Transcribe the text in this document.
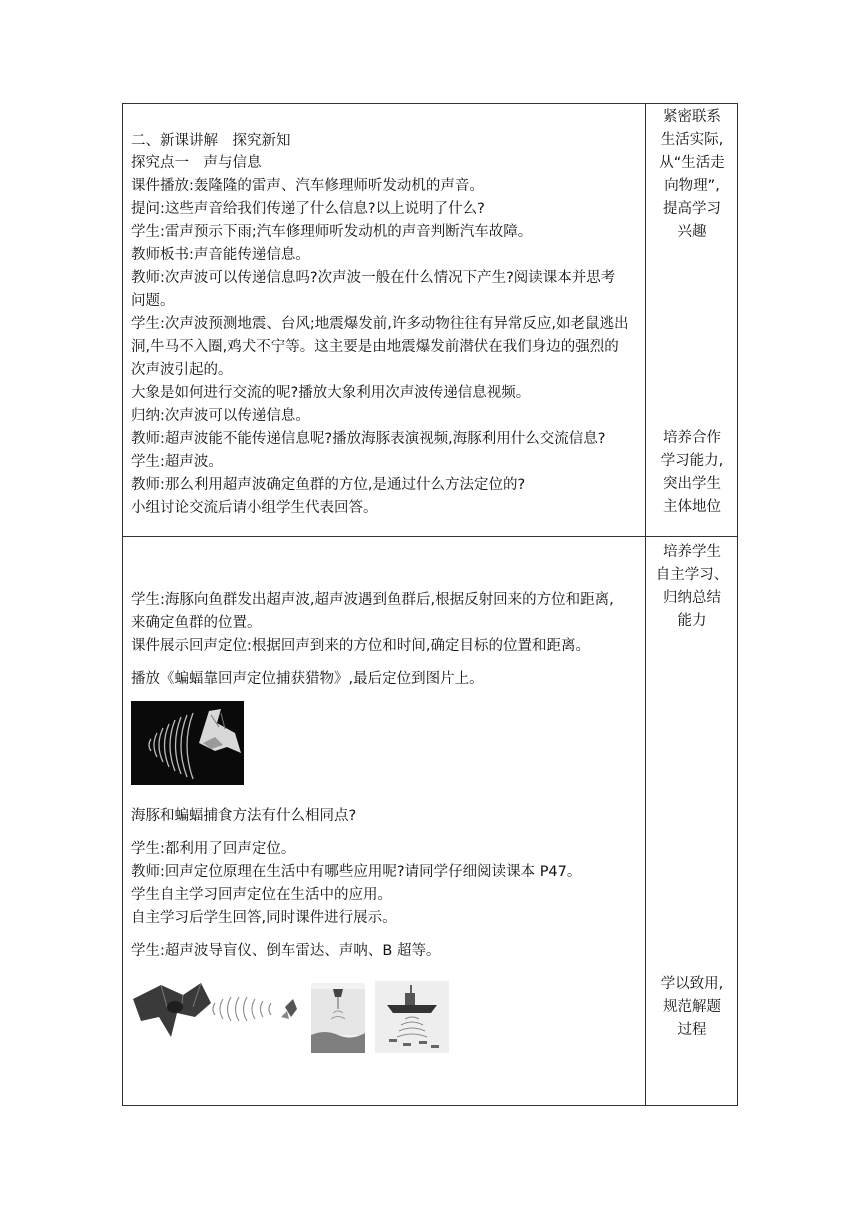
二、新课讲解　探究新知
探究点一　声与信息
课件播放:轰隆隆的雷声、汽车修理师听发动机的声音。
提问:这些声音给我们传递了什么信息?以上说明了什么?
学生:雷声预示下雨;汽车修理师听发动机的声音判断汽车故障。
教师板书:声音能传递信息。
教师:次声波可以传递信息吗?次声波一般在什么情况下产生?阅读课本并思考
问题。
学生:次声波预测地震、台风;地震爆发前,许多动物往往有异常反应,如老鼠逃出
洞,牛马不入圈,鸡犬不宁等。这主要是由地震爆发前潜伏在我们身边的强烈的
次声波引起的。
大象是如何进行交流的呢?播放大象利用次声波传递信息视频。
归纳:次声波可以传递信息。
教师:超声波能不能传递信息呢?播放海豚表演视频,海豚利用什么交流信息?
学生:超声波。
教师:那么利用超声波确定鱼群的方位,是通过什么方法定位的?
小组讨论交流后请小组学生代表回答。
紧密联系
生活实际,
从“生活走
向物理”,
提高学习
兴趣
培养合作
学习能力,
突出学生
主体地位
学生:海豚向鱼群发出超声波,超声波遇到鱼群后,根据反射回来的方位和距离,
来确定鱼群的位置。
课件展示回声定位:根据回声到来的方位和时间,确定目标的位置和距离。
播放《蝙蝠靠回声定位捕获猎物》,最后定位到图片上。
海豚和蝙蝠捕食方法有什么相同点?
学生:都利用了回声定位。
教师:回声定位原理在生活中有哪些应用呢?请同学仔细阅读课本 P47。
学生自主学习回声定位在生活中的应用。
自主学习后学生回答,同时课件进行展示。
学生:超声波导盲仪、倒车雷达、声呐、B 超等。
培养学生
自主学习、
归纳总结
能力
学以致用,
规范解题
过程
